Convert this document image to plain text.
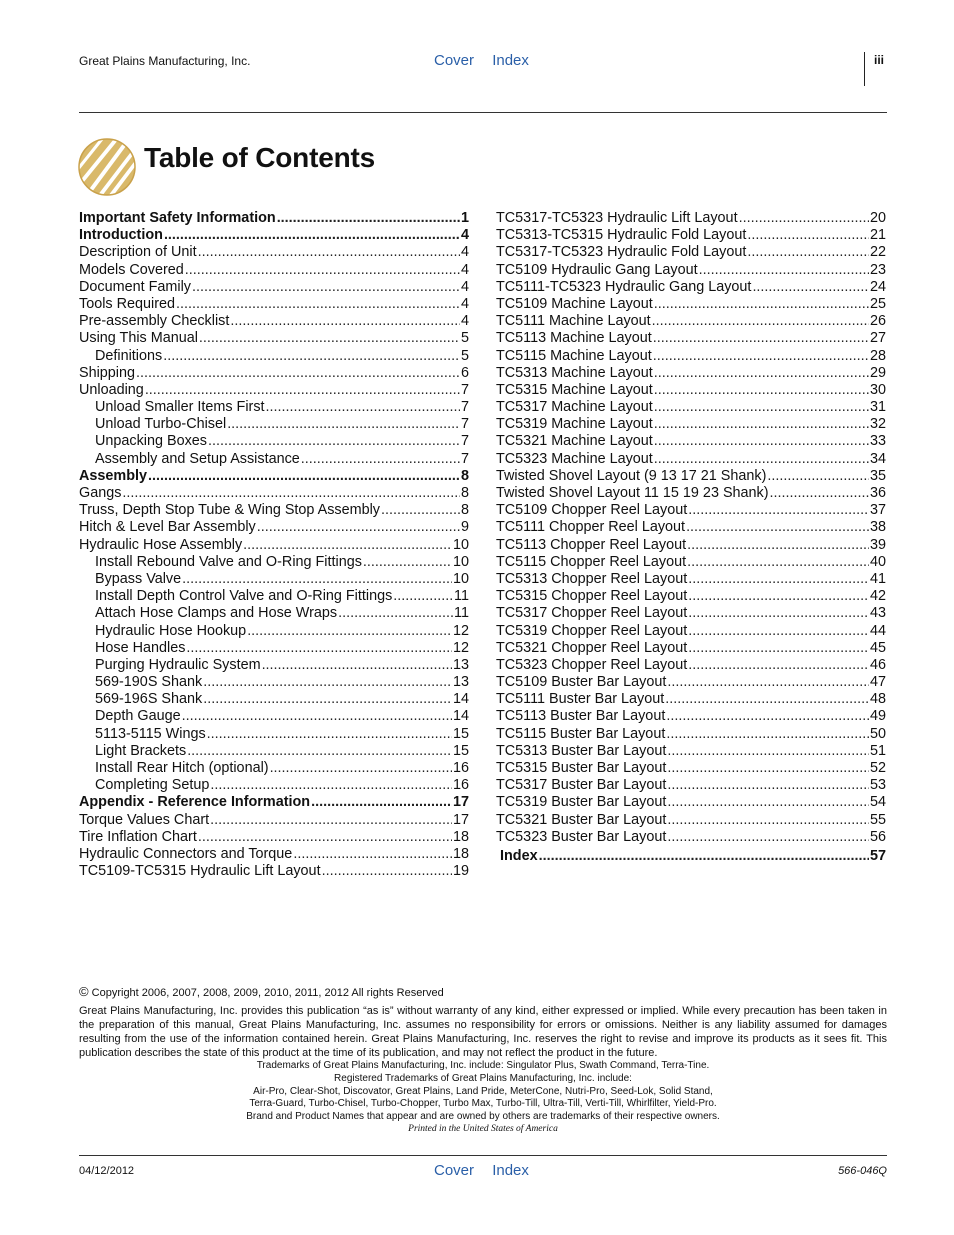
Great Plains Manufacturing, Inc.	Cover Index	iii
Table of Contents
Important Safety Information .....	1
Introduction .....	4
Description of Unit .....	4
Models Covered .....	4
Document Family .....	4
Tools Required .....	4
Pre-assembly Checklist .....	4
Using This Manual .....	5
Definitions .....	5
Shipping .....	6
Unloading .....	7
Unload Smaller Items First .....	7
Unload Turbo-Chisel .....	7
Unpacking Boxes .....	7
Assembly and Setup Assistance .....	7
Assembly .....	8
Gangs .....	8
Truss, Depth Stop Tube & Wing Stop Assembly .....	8
Hitch & Level Bar Assembly .....	9
Hydraulic Hose Assembly .....	10
Install Rebound Valve and O-Ring Fittings .....	10
Bypass Valve .....	10
Install Depth Control Valve and O-Ring Fittings .....	11
Attach Hose Clamps and Hose Wraps .....	11
Hydraulic Hose Hookup .....	12
Hose Handles .....	12
Purging Hydraulic System .....	13
569-190S Shank .....	13
569-196S Shank .....	14
Depth Gauge .....	14
5113-5115 Wings .....	15
Light Brackets .....	15
Install Rear Hitch (optional) .....	16
Completing Setup .....	16
Appendix - Reference Information .....	17
Torque Values Chart .....	17
Tire Inflation Chart .....	18
Hydraulic Connectors and Torque .....	18
TC5109-TC5315 Hydraulic Lift Layout .....	19
TC5317-TC5323 Hydraulic Lift Layout .....	20
TC5313-TC5315 Hydraulic Fold Layout .....	21
TC5317-TC5323 Hydraulic Fold Layout .....	22
TC5109 Hydraulic Gang Layout .....	23
TC5111-TC5323 Hydraulic Gang Layout .....	24
TC5109 Machine Layout .....	25
TC5111 Machine Layout .....	26
TC5113 Machine Layout .....	27
TC5115 Machine Layout .....	28
TC5313 Machine Layout .....	29
TC5315 Machine Layout .....	30
TC5317 Machine Layout .....	31
TC5319 Machine Layout .....	32
TC5321 Machine Layout .....	33
TC5323 Machine Layout .....	34
Twisted Shovel Layout (9 13 17 21 Shank) .....	35
Twisted Shovel Layout 11 15 19 23 Shank) .....	36
TC5109 Chopper Reel Layout .....	37
TC5111 Chopper Reel Layout .....	38
TC5113 Chopper Reel Layout .....	39
TC5115 Chopper Reel Layout .....	40
TC5313 Chopper Reel Layout .....	41
TC5315 Chopper Reel Layout .....	42
TC5317 Chopper Reel Layout .....	43
TC5319 Chopper Reel Layout .....	44
TC5321 Chopper Reel Layout .....	45
TC5323 Chopper Reel Layout .....	46
TC5109 Buster Bar Layout .....	47
TC5111 Buster Bar Layout .....	48
TC5113 Buster Bar Layout .....	49
TC5115 Buster Bar Layout .....	50
TC5313 Buster Bar Layout .....	51
TC5315 Buster Bar Layout .....	52
TC5317 Buster Bar Layout .....	53
TC5319 Buster Bar Layout .....	54
TC5321 Buster Bar Layout .....	55
TC5323 Buster Bar Layout .....	56
Index .....	57
© Copyright 2006, 2007, 2008, 2009, 2010, 2011, 2012 All rights Reserved
Great Plains Manufacturing, Inc. provides this publication “as is” without warranty of any kind, either expressed or implied. While every precaution has been taken in the preparation of this manual, Great Plains Manufacturing, Inc. assumes no responsibility for errors or omissions. Neither is any liability assumed for damages resulting from the use of the information contained herein. Great Plains Manufacturing, Inc. reserves the right to revise and improve its products as it sees fit. This publication describes the state of this product at the time of its publication, and may not reflect the product in the future.
Trademarks of Great Plains Manufacturing, Inc. include: Singulator Plus, Swath Command, Terra-Tine.
Registered Trademarks of Great Plains Manufacturing, Inc. include:
Air-Pro, Clear-Shot, Discovator, Great Plains, Land Pride, MeterCone, Nutri-Pro, Seed-Lok, Solid Stand,
Terra-Guard, Turbo-Chisel, Turbo-Chopper, Turbo Max, Turbo-Till, Ultra-Till, Verti-Till, Whirlfilter, Yield-Pro.
Brand and Product Names that appear and are owned by others are trademarks of their respective owners.
Printed in the United States of America
04/12/2012	Cover Index	566-046Q
